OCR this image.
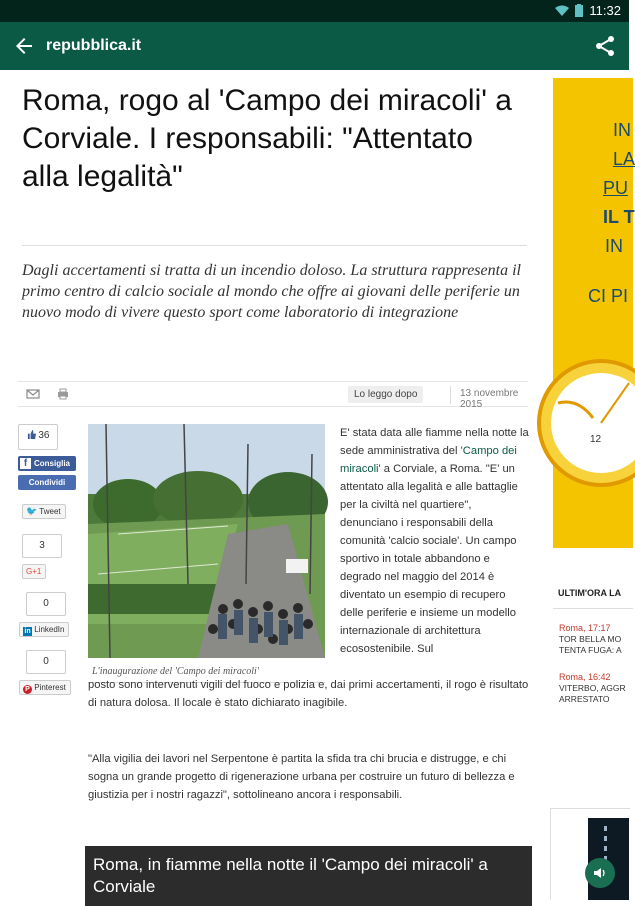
11:32
repubblica.it
Roma, rogo al 'Campo dei miracoli' a Corviale. I responsabili: "Attentato alla legalità"

Dagli accertamenti si tratta di un incendio doloso. La struttura rappresenta il primo centro di calcio sociale al mondo che offre ai giovani delle periferie un nuovo modo di vivere questo sport come laboratorio di integrazione

Lo leggo dopo	13 novembre 2015
36
f Consiglia
Condividi
🐦 Tweet
3
G+1
0
in LinkedIn
0
P Pinterest
L'inaugurazione del 'Campo dei miracoli'
E' stata data alle fiamme nella notte la sede amministrativa del 'Campo dei miracoli' a Corviale, a Roma. "E' un attentato alla legalità e alle battaglie per la civiltà nel quartiere", denunciano i responsabili della comunità 'calcio sociale'. Un campo sportivo in totale abbandono e degrado nel maggio del 2014 è diventato un esempio di recupero delle periferie e insieme un modello internazionale di architettura ecosostenibile. Sul
posto sono intervenuti vigili del fuoco e polizia e, dai primi accertamenti, il rogo è risultato di natura dolosa. Il locale è stato dichiarato inagibile.
"Alla vigilia dei lavori nel Serpentone è partita la sfida tra chi brucia e distrugge, e chi sogna un grande progetto di rigenerazione urbana per costruire un futuro di bellezza e giustizia per i nostri ragazzi", sottolineano ancora i responsabili.
Roma, in fiamme nella notte il 'Campo dei miracoli' a Corviale
IN
LA
PU
IL T
IN
CI PI
12
ULTIM'ORA LA
Roma, 17:17
TOR BELLA MO
TENTA FUGA: A
Roma, 16:42
VITERBO, AGGR
ARRESTATO
